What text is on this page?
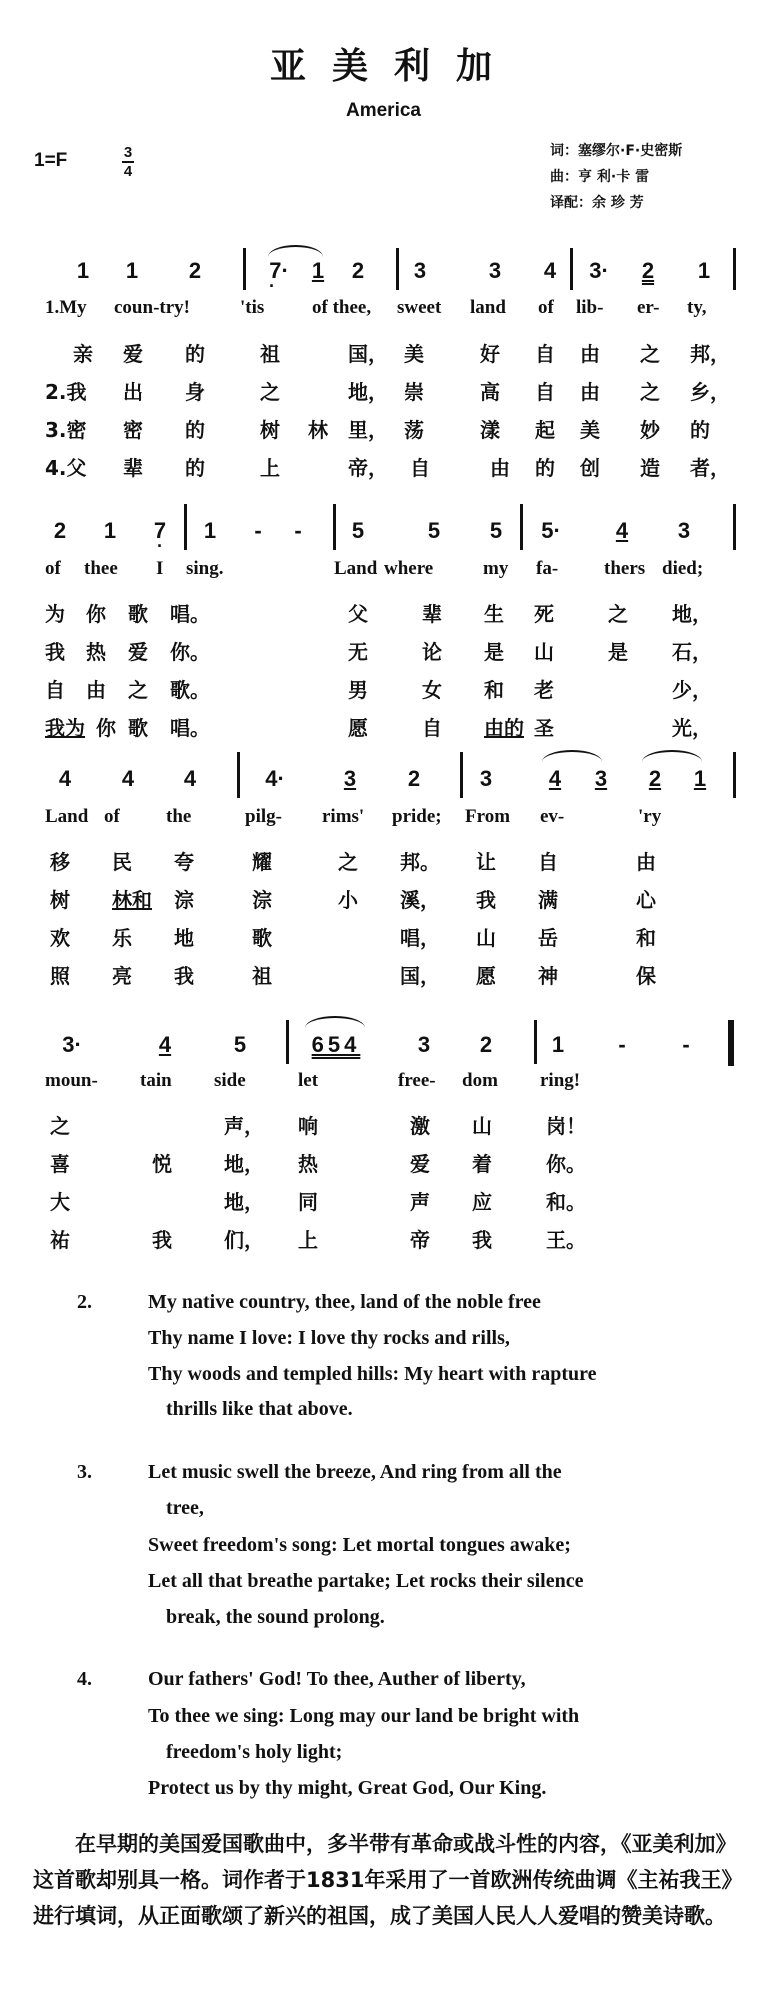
亚美利加
America
1=F	3
4
词：塞缪尔·F·史密斯
曲：亨 利·卡 雷
译配：余 珍 芳
1 1 2	7· ·	1 2 3	3 4	3·	2 1
1.My coun-try!	'tis	of thee, sweet land of lib- er- ty,
亲 爱 的	祖	国， 美	好 自 由 之 邦，
2.我 出 身	之	地， 崇	高 自 由 之 乡，
3.密 密 的	树 林 里， 荡	漾 起 美 妙 的
4.父 辈 的	上	帝， 自	由 的 创 造 者，
2 1 7 · 1 - - 5	5 5	5·	4 3
of thee I sing.	Land where	my fa- thers died;
为 你 歌 唱。	父	辈 生 死	之 地，
我 热 爱 你。	无	论 是 山	是 石，
自 由 之 歌。	男	女 和 老	少，
我为 你 歌 唱。	愿	自 由的 圣	光，
4 4 4	4·	3 2	3	4 3 2 1
Land of the	pilg- rims' pride; From ev-	'ry
移 民 夸	耀	之 邦。 让 自	由
树 林和 淙	淙	小 溪， 我 满	心
欢 乐 地	歌	唱， 山 岳	和
照 亮 我	祖	国， 愿 神	保
3·	4	5	654	3 2	1 -	-
moun- tain side	let	free- dom ring!
之	声， 响	激 山	岗！
喜	悦	地， 热	爱 着	你。
大	地， 同	声 应	和。
祐	我	们， 上	帝 我	王。
2.	My native country, thee, land of the noble free
Thy name I love: I love thy rocks and rills,
Thy woods and templed hills: My heart with rapture
thrills like that above.
3.	Let music swell the breeze, And ring from all the
tree,
Sweet freedom's song: Let mortal tongues awake;
Let all that breathe partake; Let rocks their silence
break, the sound prolong.
4.	Our fathers' God! To thee, Auther of liberty,
To thee we sing: Long may our land be bright with
freedom's holy light;
Protect us by thy might, Great God, Our King.
在早期的美国爱国歌曲中，多半带有革命或战斗性的内容，《亚美利加》这首歌却别具一格。词作者于1831年采用了一首欧洲传统曲调《主祐我王》进行填词，从正面歌颂了新兴的祖国，成了美国人民人人爱唱的赞美诗歌。
